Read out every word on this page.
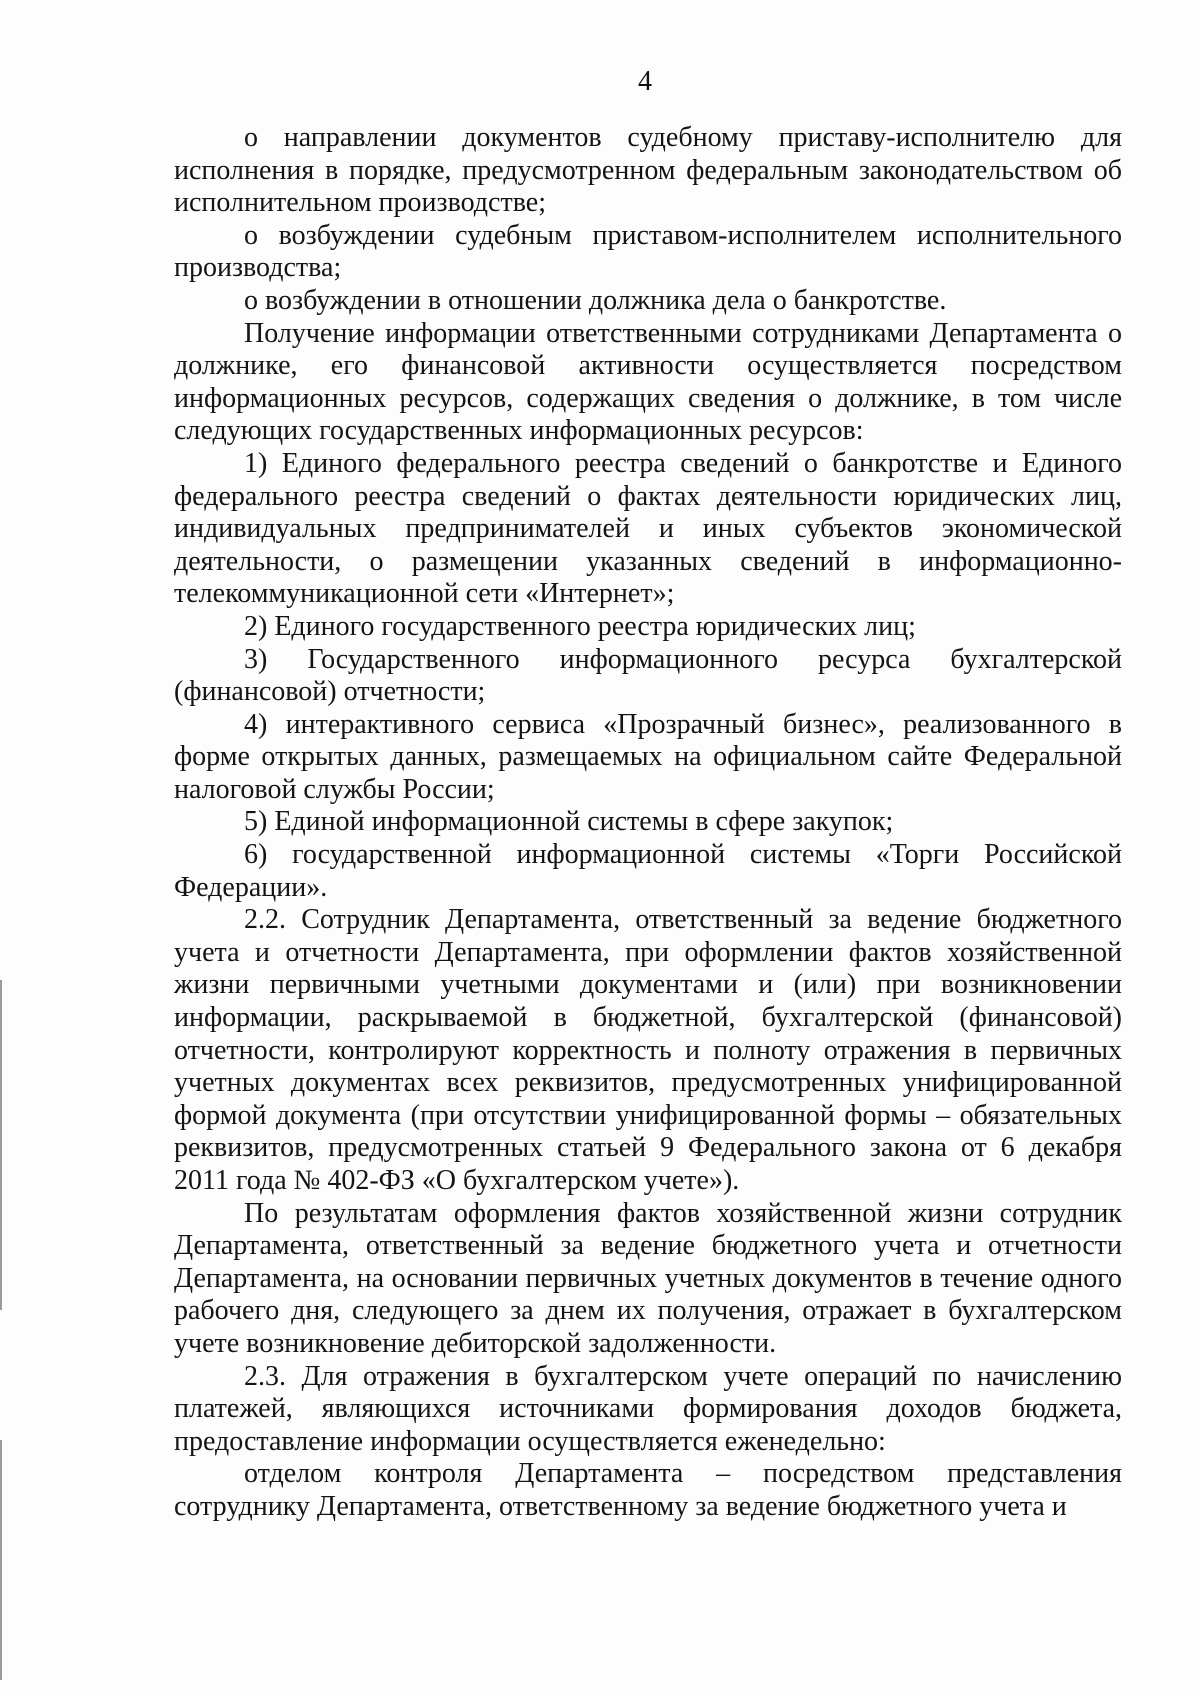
4

о направлении документов судебному приставу-исполнителю для исполнения в порядке, предусмотренном федеральным законодательством об исполнительном производстве;

о возбуждении судебным приставом-исполнителем исполнительного производства;

о возбуждении в отношении должника дела о банкротстве.

Получение информации ответственными сотрудниками Департамента о должнике, его финансовой активности осуществляется посредством информационных ресурсов, содержащих сведения о должнике, в том числе следующих государственных информационных ресурсов:

1) Единого федерального реестра сведений о банкротстве и Единого федерального реестра сведений о фактах деятельности юридических лиц, индивидуальных предпринимателей и иных субъектов экономической деятельности, о размещении указанных сведений в информационно-телекоммуникационной сети «Интернет»;

2) Единого государственного реестра юридических лиц;

3) Государственного информационного ресурса бухгалтерской (финансовой) отчетности;

4) интерактивного сервиса «Прозрачный бизнес», реализованного в форме открытых данных, размещаемых на официальном сайте Федеральной налоговой службы России;

5) Единой информационной системы в сфере закупок;

6) государственной информационной системы «Торги Российской Федерации».

2.2. Сотрудник Департамента, ответственный за ведение бюджетного учета и отчетности Департамента, при оформлении фактов хозяйственной жизни первичными учетными документами и (или) при возникновении информации, раскрываемой в бюджетной, бухгалтерской (финансовой) отчетности, контролируют корректность и полноту отражения в первичных учетных документах всех реквизитов, предусмотренных унифицированной формой документа (при отсутствии унифицированной формы – обязательных реквизитов, предусмотренных статьей 9 Федерального закона от 6 декабря 2011 года № 402-ФЗ «О бухгалтерском учете»).

По результатам оформления фактов хозяйственной жизни сотрудник Департамента, ответственный за ведение бюджетного учета и отчетности Департамента, на основании первичных учетных документов в течение одного рабочего дня, следующего за днем их получения, отражает в бухгалтерском учете возникновение дебиторской задолженности.

2.3. Для отражения в бухгалтерском учете операций по начислению платежей, являющихся источниками формирования доходов бюджета, предоставление информации осуществляется еженедельно:

отделом контроля Департамента – посредством представления сотруднику Департамента, ответственному за ведение бюджетного учета и
